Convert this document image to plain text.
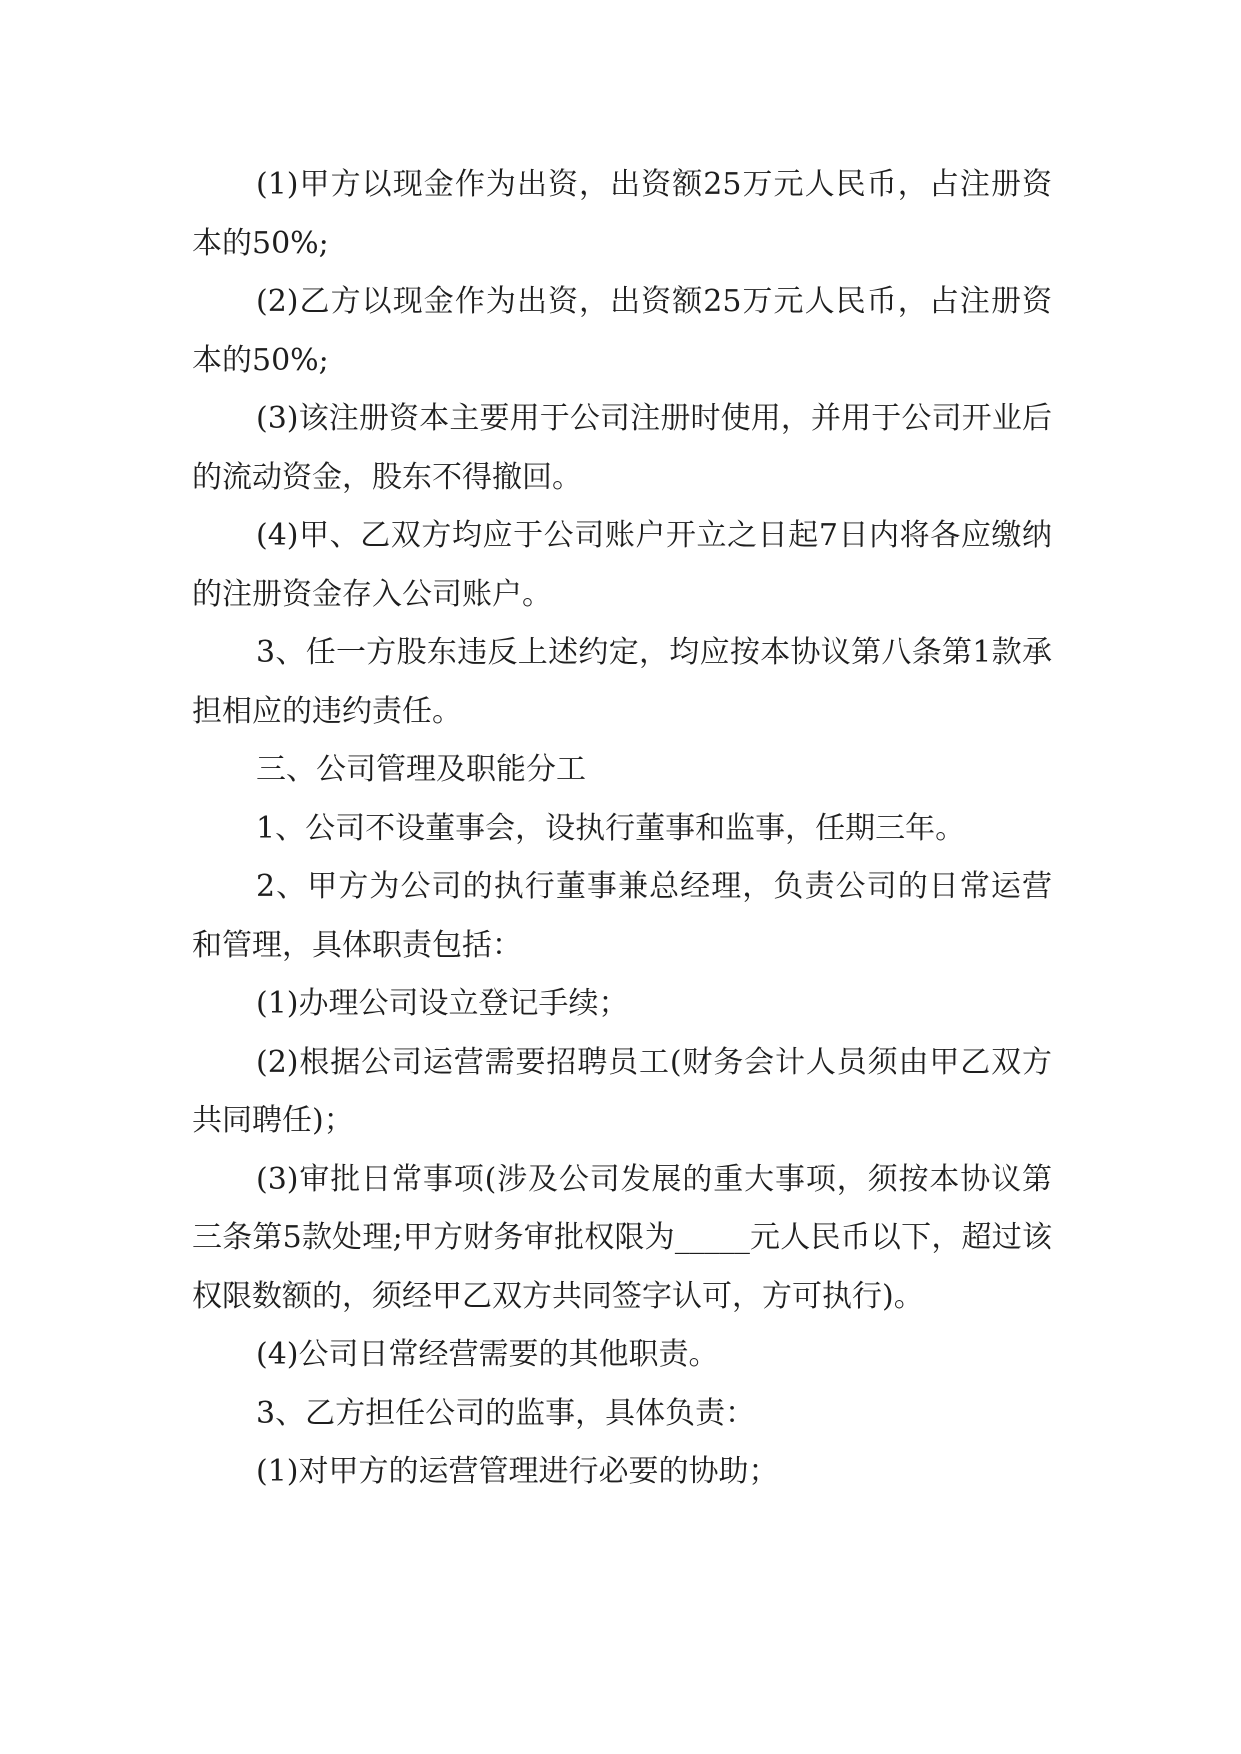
(1)甲方以现金作为出资，出资额25万元人民币，占注册资本的50%;

(2)乙方以现金作为出资，出资额25万元人民币，占注册资本的50%;

(3)该注册资本主要用于公司注册时使用，并用于公司开业后的流动资金，股东不得撤回。

(4)甲、乙双方均应于公司账户开立之日起7日内将各应缴纳的注册资金存入公司账户。

3、任一方股东违反上述约定，均应按本协议第八条第1款承担相应的违约责任。

三、公司管理及职能分工

1、公司不设董事会，设执行董事和监事，任期三年。

2、甲方为公司的执行董事兼总经理，负责公司的日常运营和管理，具体职责包括：

(1)办理公司设立登记手续；

(2)根据公司运营需要招聘员工(财务会计人员须由甲乙双方共同聘任)；

(3)审批日常事项(涉及公司发展的重大事项，须按本协议第三条第5款处理;甲方财务审批权限为_____元人民币以下，超过该权限数额的，须经甲乙双方共同签字认可，方可执行)。

(4)公司日常经营需要的其他职责。

3、乙方担任公司的监事，具体负责：

(1)对甲方的运营管理进行必要的协助；
